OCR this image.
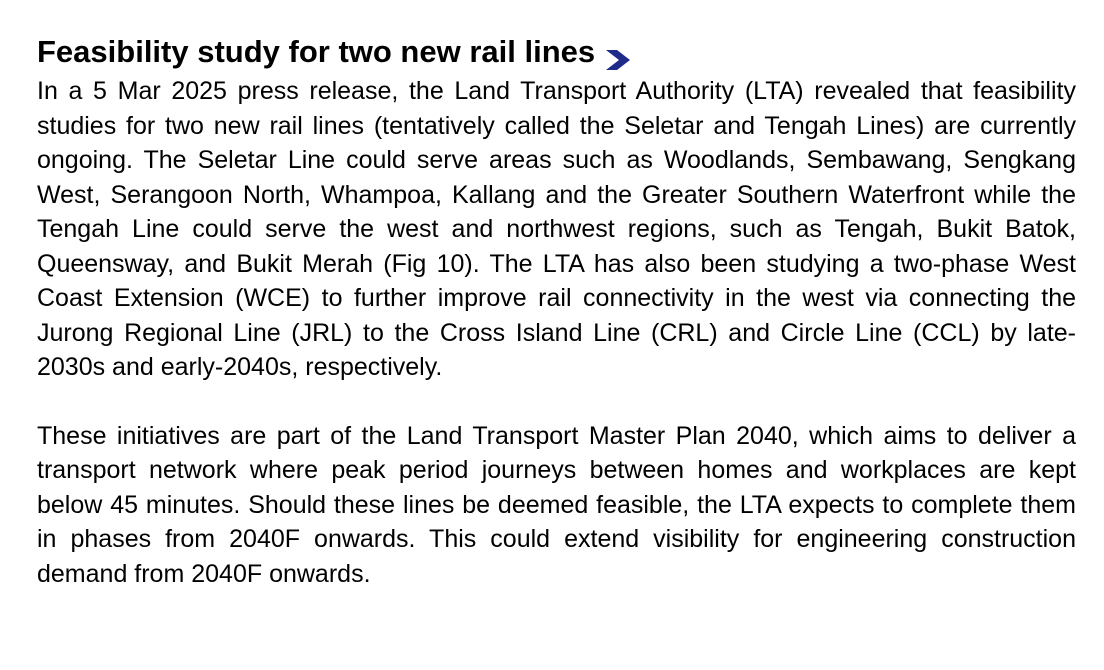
Feasibility study for two new rail lines

In a 5 Mar 2025 press release, the Land Transport Authority (LTA) revealed that feasibility studies for two new rail lines (tentatively called the Seletar and Tengah Lines) are currently ongoing. The Seletar Line could serve areas such as Woodlands, Sembawang, Sengkang West, Serangoon North, Whampoa, Kallang and the Greater Southern Waterfront while the Tengah Line could serve the west and northwest regions, such as Tengah, Bukit Batok, Queensway, and Bukit Merah (Fig 10). The LTA has also been studying a two-phase West Coast Extension (WCE) to further improve rail connectivity in the west via connecting the Jurong Regional Line (JRL) to the Cross Island Line (CRL) and Circle Line (CCL) by late-2030s and early-2040s, respectively.

These initiatives are part of the Land Transport Master Plan 2040, which aims to deliver a transport network where peak period journeys between homes and workplaces are kept below 45 minutes. Should these lines be deemed feasible, the LTA expects to complete them in phases from 2040F onwards. This could extend visibility for engineering construction demand from 2040F onwards.
